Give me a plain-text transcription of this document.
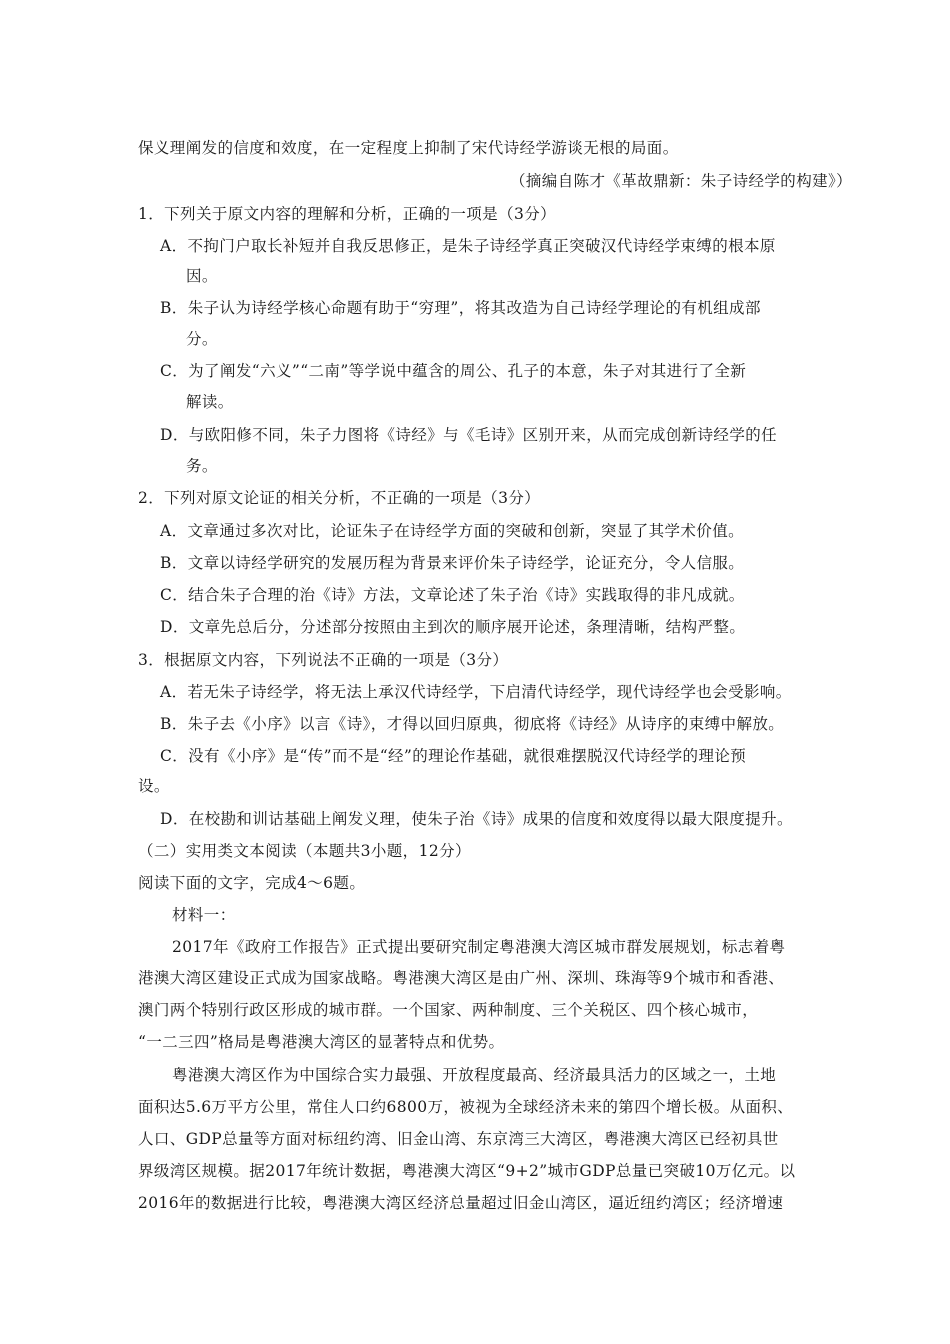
保义理阐发的信度和效度，在一定程度上抑制了宋代诗经学游谈无根的局面。
（摘编自陈才《革故鼎新：朱子诗经学的构建》）
1．下列关于原文内容的理解和分析，正确的一项是（3分）
A．不拘门户取长补短并自我反思修正，是朱子诗经学真正突破汉代诗经学束缚的根本原
因。
B．朱子认为诗经学核心命题有助于“穷理”，将其改造为自己诗经学理论的有机组成部
分。
C．为了阐发“六义”“二南”等学说中蕴含的周公、孔子的本意，朱子对其进行了全新
解读。
D．与欧阳修不同，朱子力图将《诗经》与《毛诗》区别开来，从而完成创新诗经学的任
务。
2．下列对原文论证的相关分析，不正确的一项是（3分）
A．文章通过多次对比，论证朱子在诗经学方面的突破和创新，突显了其学术价值。
B．文章以诗经学研究的发展历程为背景来评价朱子诗经学，论证充分，令人信服。
C．结合朱子合理的治《诗》方法，文章论述了朱子治《诗》实践取得的非凡成就。
D．文章先总后分，分述部分按照由主到次的顺序展开论述，条理清晰，结构严整。
3．根据原文内容，下列说法不正确的一项是（3分）
A．若无朱子诗经学，将无法上承汉代诗经学，下启清代诗经学，现代诗经学也会受影响。
B．朱子去《小序》以言《诗》，才得以回归原典，彻底将《诗经》从诗序的束缚中解放。
C．没有《小序》是“传”而不是“经”的理论作基础，就很难摆脱汉代诗经学的理论预
设。
D．在校勘和训诂基础上阐发义理，使朱子治《诗》成果的信度和效度得以最大限度提升。
（二）实用类文本阅读（本题共3小题，12分）
阅读下面的文字，完成4～6题。
材料一：
2017年《政府工作报告》正式提出要研究制定粤港澳大湾区城市群发展规划，标志着粤
港澳大湾区建设正式成为国家战略。粤港澳大湾区是由广州、深圳、珠海等9个城市和香港、
澳门两个特别行政区形成的城市群。一个国家、两种制度、三个关税区、四个核心城市，
“一二三四”格局是粤港澳大湾区的显著特点和优势。
粤港澳大湾区作为中国综合实力最强、开放程度最高、经济最具活力的区域之一，土地
面积达5.6万平方公里，常住人口约6800万，被视为全球经济未来的第四个增长极。从面积、
人口、GDP总量等方面对标纽约湾、旧金山湾、东京湾三大湾区，粤港澳大湾区已经初具世
界级湾区规模。据2017年统计数据，粤港澳大湾区“9+2”城市GDP总量已突破10万亿元。以
2016年的数据进行比较，粤港澳大湾区经济总量超过旧金山湾区，逼近纽约湾区；经济增速
